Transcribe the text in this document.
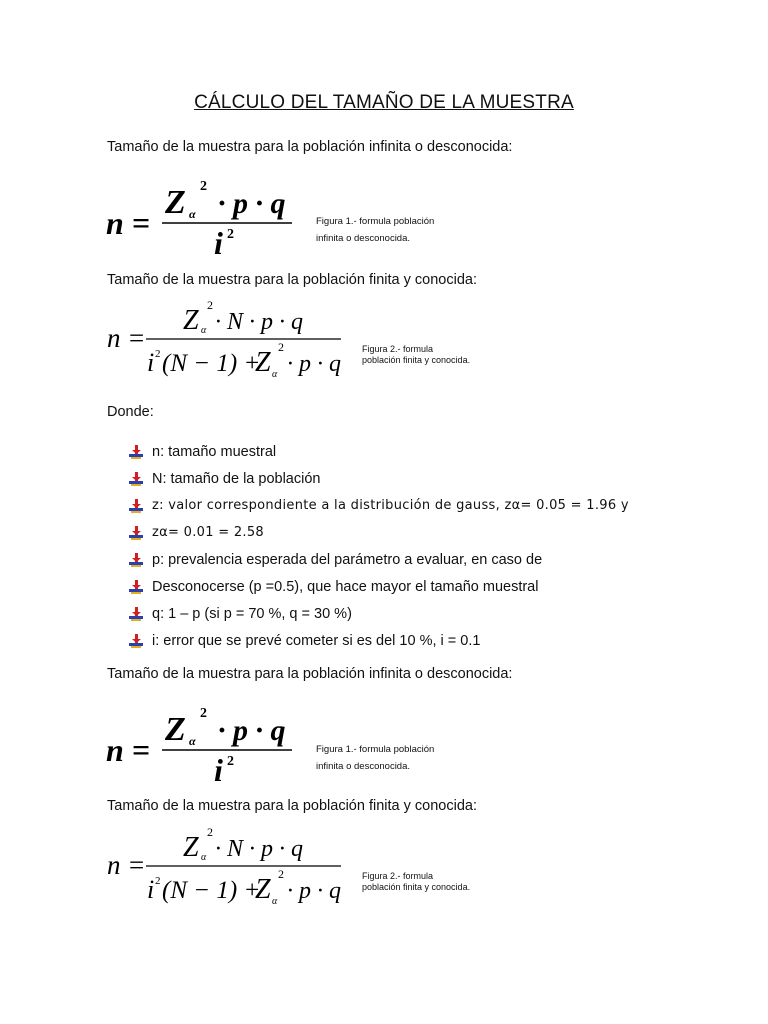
CÁLCULO DEL TAMAÑO DE LA MUESTRA
Tamaño de la muestra para la población infinita o desconocida:
n =
Z α
2
· p · q
i 2
Figura 1.- formula población
infinita o desconocida.
Tamaño de la muestra para la población finita y conocida:
n =
Z α
2
· N · p · q
i 2 (N − 1) +
Z α
2
· p · q
Figura 2.- formula
población finita y conocida.
Donde:
n: tamaño muestral
N: tamaño de la población
z: valor correspondiente a la distribución de gauss, zα= 0.05 = 1.96 y
zα= 0.01 = 2.58
p: prevalencia esperada del parámetro a evaluar, en caso de
Desconocerse (p =0.5), que hace mayor el tamaño muestral
q: 1 – p (si p = 70 %, q = 30 %)
i: error que se prevé cometer si es del 10 %, i = 0.1
Tamaño de la muestra para la población infinita o desconocida:
n =
Z α
2
· p · q
i 2
Figura 1.- formula población
infinita o desconocida.
Tamaño de la muestra para la población finita y conocida:
n =
Z α
2
· N · p · q
i 2 (N − 1) +
Z α
2
· p · q
Figura 2.- formula
población finita y conocida.
